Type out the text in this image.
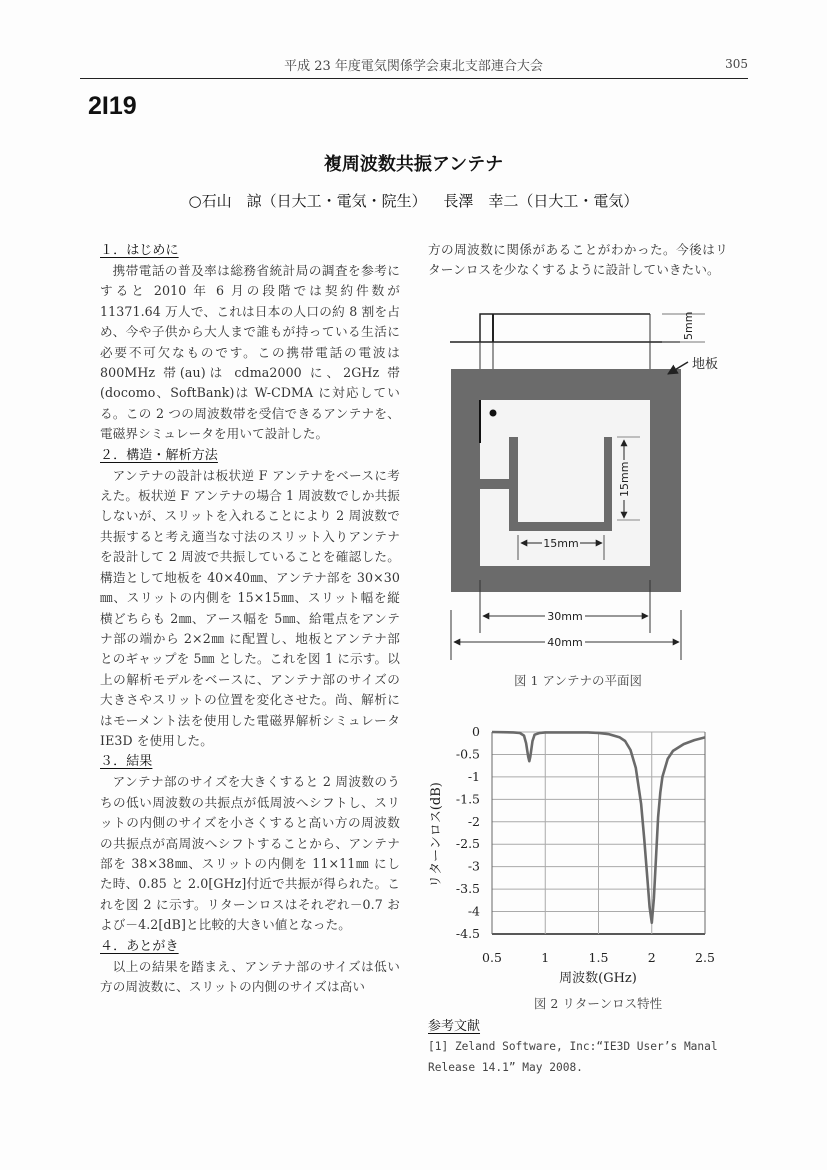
平成 23 年度電気関係学会東北支部連合大会	305
2I19
複周波数共振アンテナ
○石山　諒（日大工・電気・院生） 長澤　幸二（日大工・電気）
１．はじめに

携帯電話の普及率は総務省統計局の調査を参考にすると 2010 年 6 月の段階では契約件数が 11371.64 万人で、これは日本の人口の約 8 割を占め、今や子供から大人まで誰もが持っている生活に必要不可欠なものです。この携帯電話の電波は 800MHz 帯(au)は cdma2000 に、2GHz 帯(docomo、SoftBank)は W-CDMA に対応している。この 2 つの周波数帯を受信できるアンテナを、電磁界シミュレータを用いて設計した。

２．構造・解析方法

アンテナの設計は板状逆 F アンテナをベースに考えた。板状逆 F アンテナの場合 1 周波数でしか共振しないが、スリットを入れることにより 2 周波数で共振すると考え適当な寸法のスリット入りアンテナを設計して 2 周波で共振していることを確認した。構造として地板を 40×40㎜、アンテナ部を 30×30㎜、スリットの内側を 15×15㎜、スリット幅を縦横どちらも 2㎜、アース幅を 5㎜、給電点をアンテナ部の端から 2×2㎜ に配置し、地板とアンテナ部とのギャップを 5㎜ とした。これを図 1 に示す。以上の解析モデルをベースに、アンテナ部のサイズの大きさやスリットの位置を変化させた。尚、解析にはモーメント法を使用した電磁界解析シミュレータ IE3D を使用した。

３．結果

アンテナ部のサイズを大きくすると 2 周波数のうちの低い周波数の共振点が低周波へシフトし、スリットの内側のサイズを小さくすると高い方の周波数の共振点が高周波へシフトすることから、アンテナ部を 38×38㎜、スリットの内側を 11×11㎜ にした時、0.85 と 2.0[GHz]付近で共振が得られた。これを図 2 に示す。リターンロスはそれぞれ－0.7 および－4.2[dB]と比較的大きい値となった。

４．あとがき

以上の結果を踏まえ、アンテナ部のサイズは低い方の周波数に、スリットの内側のサイズは高い

方の周波数に関係があることがわかった。今後はリターンロスを少なくするように設計していきたい。

5mm
地板
15mm
15mm
30mm
40mm
図 1 アンテナの平面図
0
-0.5
-1
-1.5
-2
-2.5
-3
-3.5
-4
-4.5
0.5	1	1.5	2	2.5
周波数(GHz)
リターンロス(dB)
図 2 リターンロス特性
参考文献
[1] Zeland Software, Inc:“IE3D User’s Manal Release 14.1” May 2008.
